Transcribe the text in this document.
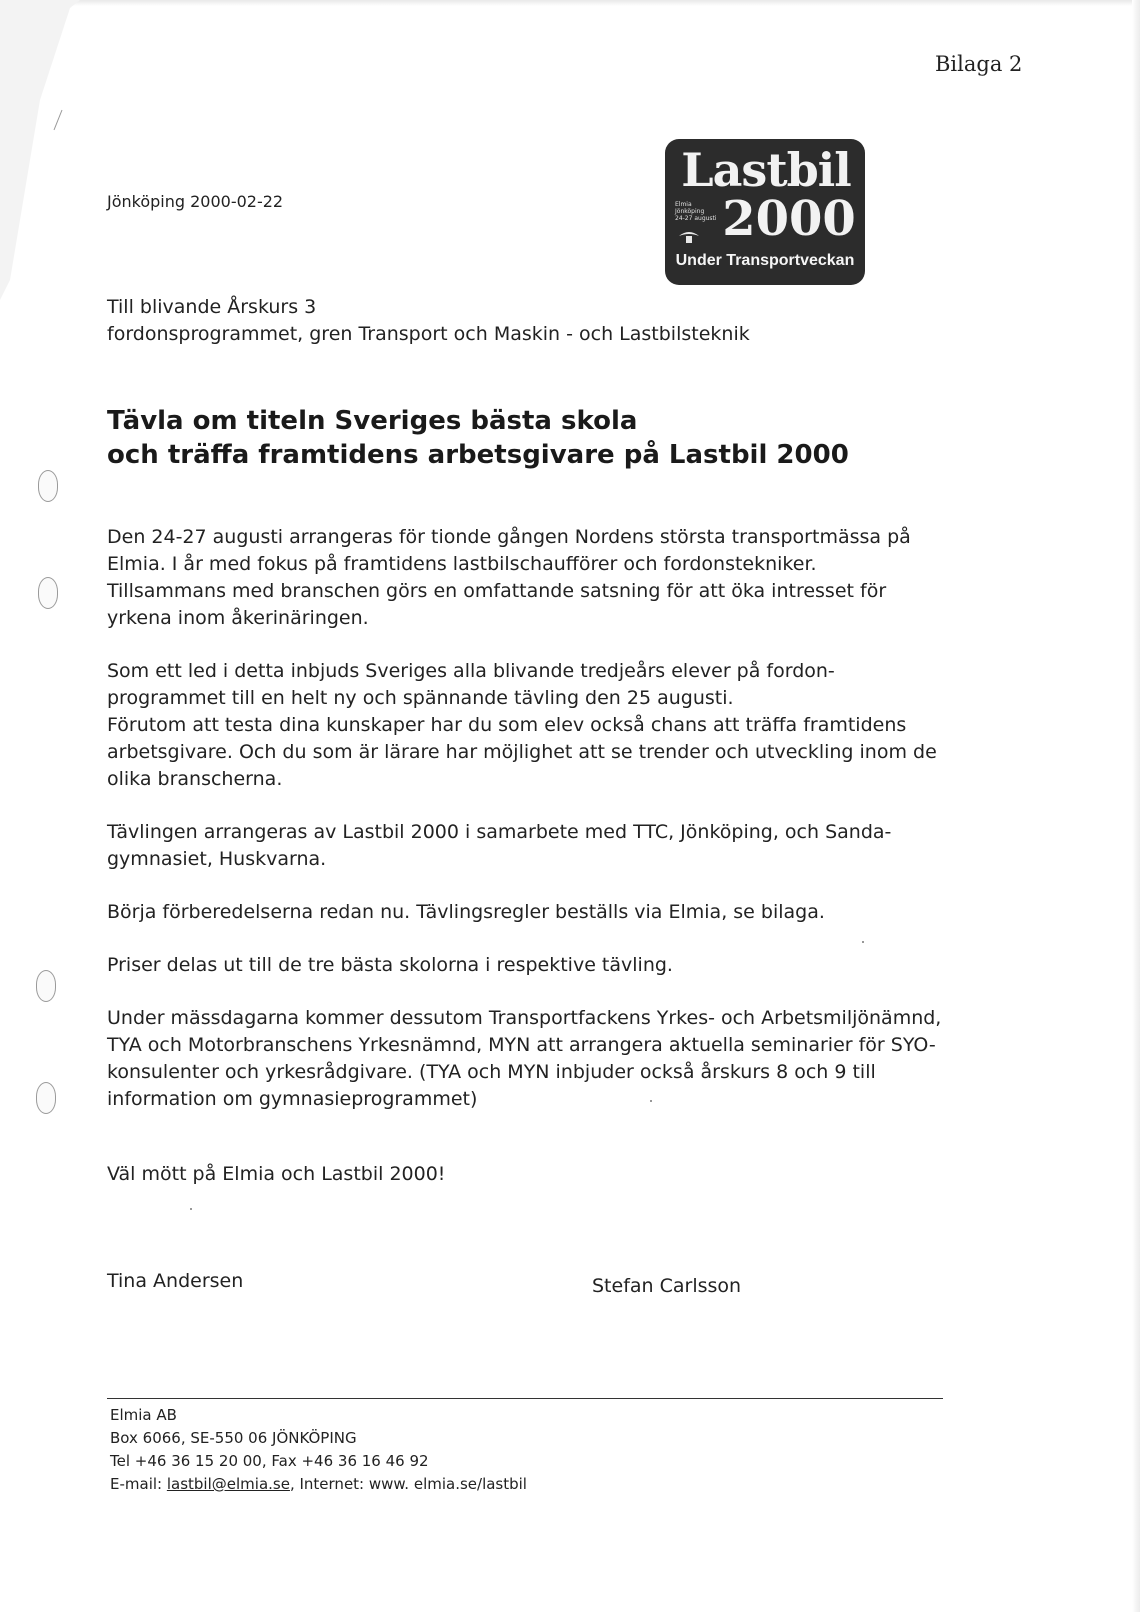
Bilaga 2
Jönköping 2000-02-22
Lastbil
Elmia
Jönköping
24-27 augusti 2000
Under Transportveckan
Till blivande Årskurs 3
fordonsprogrammet, gren Transport och Maskin - och Lastbilsteknik
Tävla om titeln Sveriges bästa skola
och träffa framtidens arbetsgivare på Lastbil 2000

Den 24-27 augusti arrangeras för tionde gången Nordens största transportmässa på
Elmia. I år med fokus på framtidens lastbilschaufförer och fordonstekniker.
Tillsammans med branschen görs en omfattande satsning för att öka intresset för
yrkena inom åkerinäringen.

Som ett led i detta inbjuds Sveriges alla blivande tredjeårs elever på fordon-
programmet till en helt ny och spännande tävling den 25 augusti.
Förutom att testa dina kunskaper har du som elev också chans att träffa framtidens
arbetsgivare. Och du som är lärare har möjlighet att se trender och utveckling inom de
olika branscherna.

Tävlingen arrangeras av Lastbil 2000 i samarbete med TTC, Jönköping, och Sanda-
gymnasiet, Huskvarna.

Börja förberedelserna redan nu. Tävlingsregler beställs via Elmia, se bilaga.

Priser delas ut till de tre bästa skolorna i respektive tävling.

Under mässdagarna kommer dessutom Transportfackens Yrkes- och Arbetsmiljönämnd,
TYA och Motorbranschens Yrkesnämnd, MYN att arrangera aktuella seminarier för SYO-
konsulenter och yrkesrådgivare. (TYA och MYN inbjuder också årskurs 8 och 9 till
information om gymnasieprogrammet)

Väl mött på Elmia och Lastbil 2000!
Tina Andersen	Stefan Carlsson
Elmia AB
Box 6066, SE-550 06 JÖNKÖPING
Tel +46 36 15 20 00, Fax +46 36 16 46 92
E-mail: lastbil@elmia.se, Internet: www. elmia.se/lastbil
